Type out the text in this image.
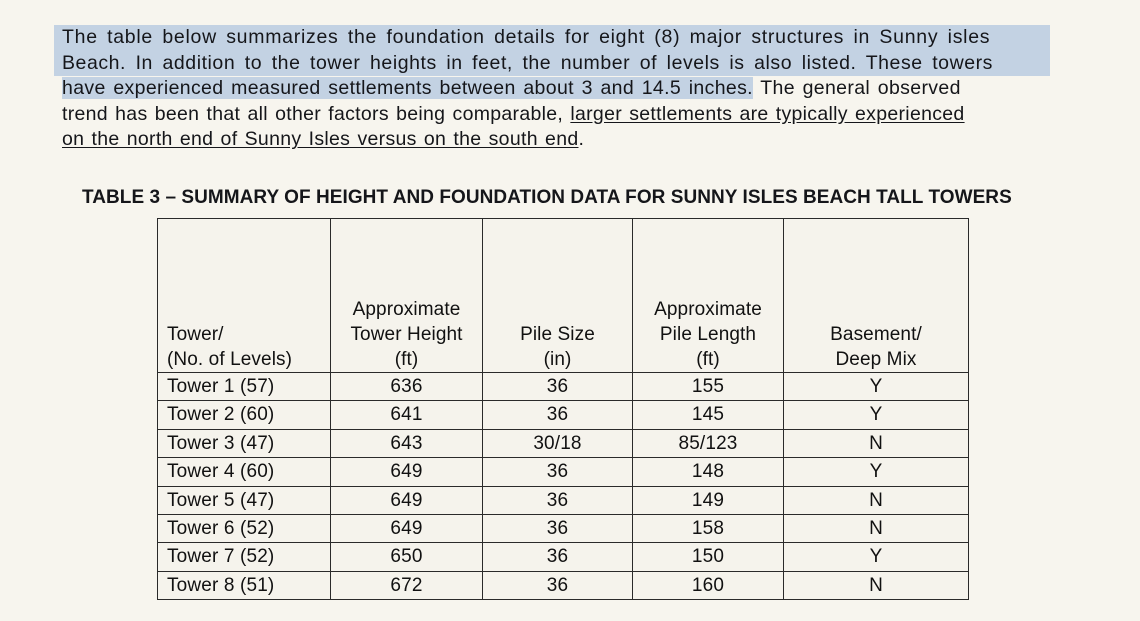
The table below summarizes the foundation details for eight (8) major structures in Sunny isles
Beach. In addition to the tower heights in feet, the number of levels is also listed. These towers
have experienced measured settlements between about 3 and 14.5 inches. The general observed
trend has been that all other factors being comparable, larger settlements are typically experienced
on the north end of Sunny Isles versus on the south end.
TABLE 3 – SUMMARY OF HEIGHT AND FOUNDATION DATA FOR SUNNY ISLES BEACH TALL TOWERS
Tower/
(No. of Levels)

Approximate
Tower Height
(ft)

Pile Size
(in)

Approximate
Pile Length
(ft)

Basement/
Deep Mix

Tower 1 (57)	636	36	155	Y
Tower 2 (60)	641	36	145	Y
Tower 3 (47)	643	30/18	85/123	N
Tower 4 (60)	649	36	148	Y
Tower 5 (47)	649	36	149	N
Tower 6 (52)	649	36	158	N
Tower 7 (52)	650	36	150	Y
Tower 8 (51)	672	36	160	N
